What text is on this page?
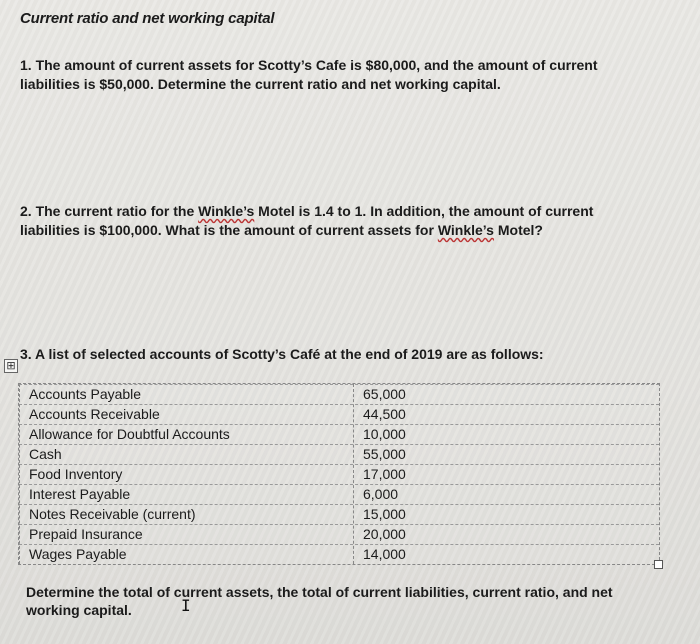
Current ratio and net working capital
1. The amount of current assets for Scotty’s Cafe is $80,000, and the amount of current liabilities is $50,000. Determine the current ratio and net working capital.
2. The current ratio for the Winkle’s Motel is 1.4 to 1. In addition, the amount of current liabilities is $100,000. What is the amount of current assets for Winkle’s Motel?
3. A list of selected accounts of Scotty’s Café at the end of 2019 are as follows:
⊞
Accounts Payable	65,000
Accounts Receivable	44,500
Allowance for Doubtful Accounts	10,000
Cash	55,000
Food Inventory	17,000
Interest Payable	6,000
Notes Receivable (current)	15,000
Prepaid Insurance	20,000
Wages Payable	14,000
Determine the total of current assets, the total of current liabilities, current ratio, and net working capital.	I
